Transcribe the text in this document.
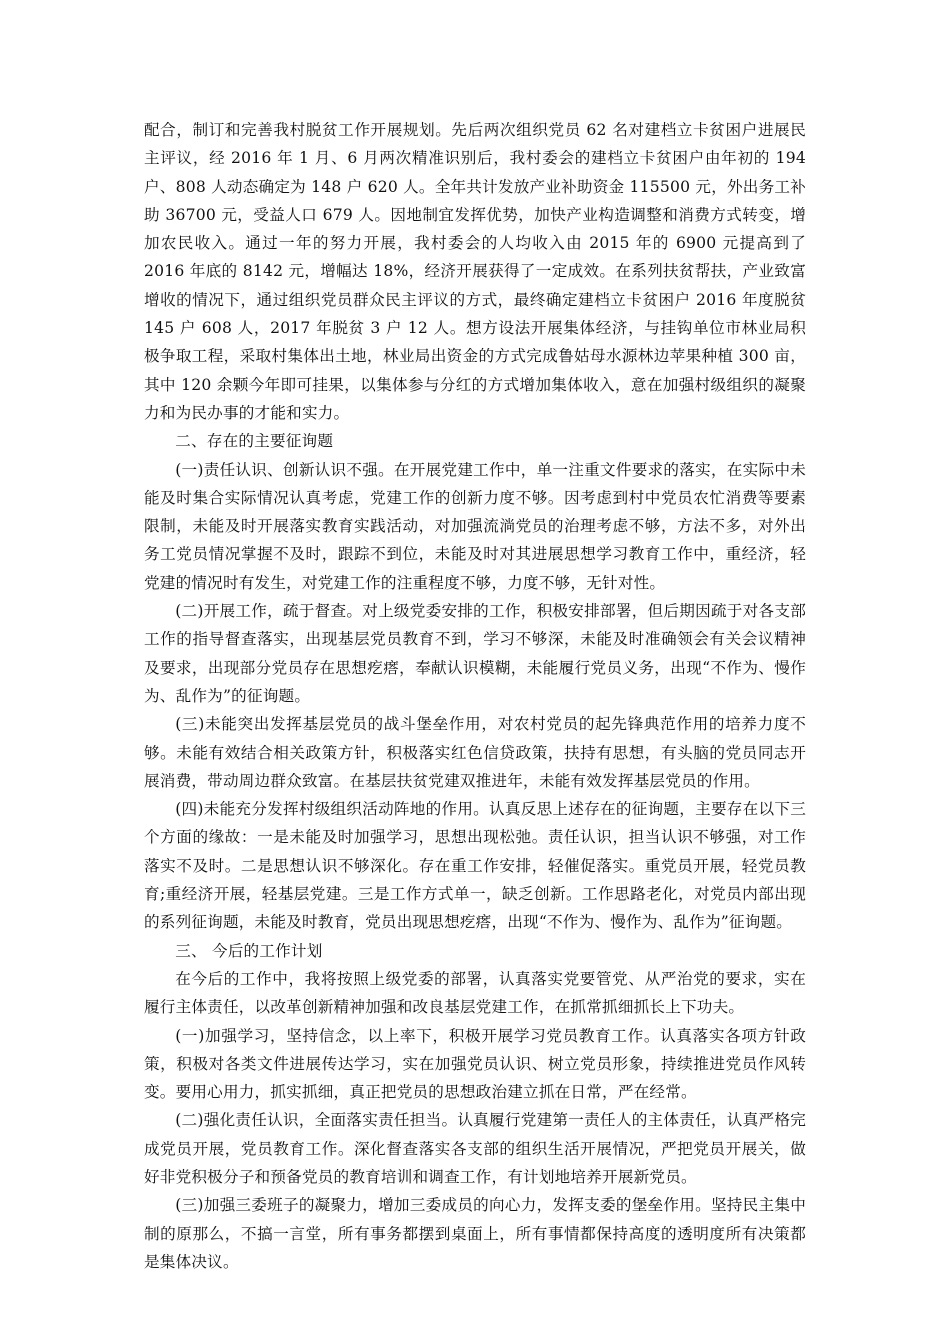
配合，制订和完善我村脱贫工作开展规划。先后两次组织党员 62 名对建档立卡贫困户进展民主评议，经 2016 年 1 月、6 月两次精准识别后，我村委会的建档立卡贫困户由年初的 194 户、808 人动态确定为 148 户 620 人。全年共计发放产业补助资金 115500 元，外出务工补助 36700 元，受益人口 679 人。因地制宜发挥优势，加快产业构造调整和消费方式转变，增加农民收入。通过一年的努力开展，我村委会的人均收入由 2015 年的 6900 元提高到了 2016 年底的 8142 元，增幅达 18%，经济开展获得了一定成效。在系列扶贫帮扶，产业致富增收的情况下，通过组织党员群众民主评议的方式，最终确定建档立卡贫困户 2016 年度脱贫 145 户 608 人，2017 年脱贫 3 户 12 人。想方设法开展集体经济，与挂钩单位市林业局积极争取工程，采取村集体出土地，林业局出资金的方式完成鲁姑母水源林边苹果种植 300 亩，其中 120 余颗今年即可挂果，以集体参与分红的方式增加集体收入，意在加强村级组织的凝聚力和为民办事的才能和实力。

二、存在的主要征询题

(一)责任认识、创新认识不强。在开展党建工作中，单一注重文件要求的落实，在实际中未能及时集合实际情况认真考虑，党建工作的创新力度不够。因考虑到村中党员农忙消费等要素限制，未能及时开展落实教育实践活动，对加强流淌党员的治理考虑不够，方法不多，对外出务工党员情况掌握不及时，跟踪不到位，未能及时对其进展思想学习教育工作中，重经济，轻党建的情况时有发生，对党建工作的注重程度不够，力度不够，无针对性。

(二)开展工作，疏于督查。对上级党委安排的工作，积极安排部署，但后期因疏于对各支部工作的指导督查落实，出现基层党员教育不到，学习不够深，未能及时准确领会有关会议精神及要求，出现部分党员存在思想疙瘩，奉献认识模糊，未能履行党员义务，出现“不作为、慢作为、乱作为”的征询题。

(三)未能突出发挥基层党员的战斗堡垒作用，对农村党员的起先锋典范作用的培养力度不够。未能有效结合相关政策方针，积极落实红色信贷政策，扶持有思想，有头脑的党员同志开展消费，带动周边群众致富。在基层扶贫党建双推进年，未能有效发挥基层党员的作用。

(四)未能充分发挥村级组织活动阵地的作用。认真反思上述存在的征询题，主要存在以下三个方面的缘故：一是未能及时加强学习，思想出现松弛。责任认识，担当认识不够强，对工作落实不及时。二是思想认识不够深化。存在重工作安排，轻催促落实。重党员开展，轻党员教育;重经济开展，轻基层党建。三是工作方式单一，缺乏创新。工作思路老化，对党员内部出现的系列征询题，未能及时教育，党员出现思想疙瘩，出现“不作为、慢作为、乱作为”征询题。

三、 今后的工作计划

在今后的工作中，我将按照上级党委的部署，认真落实党要管党、从严治党的要求，实在履行主体责任，以改革创新精神加强和改良基层党建工作，在抓常抓细抓长上下功夫。

(一)加强学习，坚持信念，以上率下，积极开展学习党员教育工作。认真落实各项方针政策，积极对各类文件进展传达学习，实在加强党员认识、树立党员形象，持续推进党员作风转变。要用心用力，抓实抓细，真正把党员的思想政治建立抓在日常，严在经常。

(二)强化责任认识，全面落实责任担当。认真履行党建第一责任人的主体责任，认真严格完成党员开展，党员教育工作。深化督查落实各支部的组织生活开展情况，严把党员开展关，做好非党积极分子和预备党员的教育培训和调查工作，有计划地培养开展新党员。

(三)加强三委班子的凝聚力，增加三委成员的向心力，发挥支委的堡垒作用。坚持民主集中制的原那么，不搞一言堂，所有事务都摆到桌面上，所有事情都保持高度的透明度所有决策都是集体决议。
